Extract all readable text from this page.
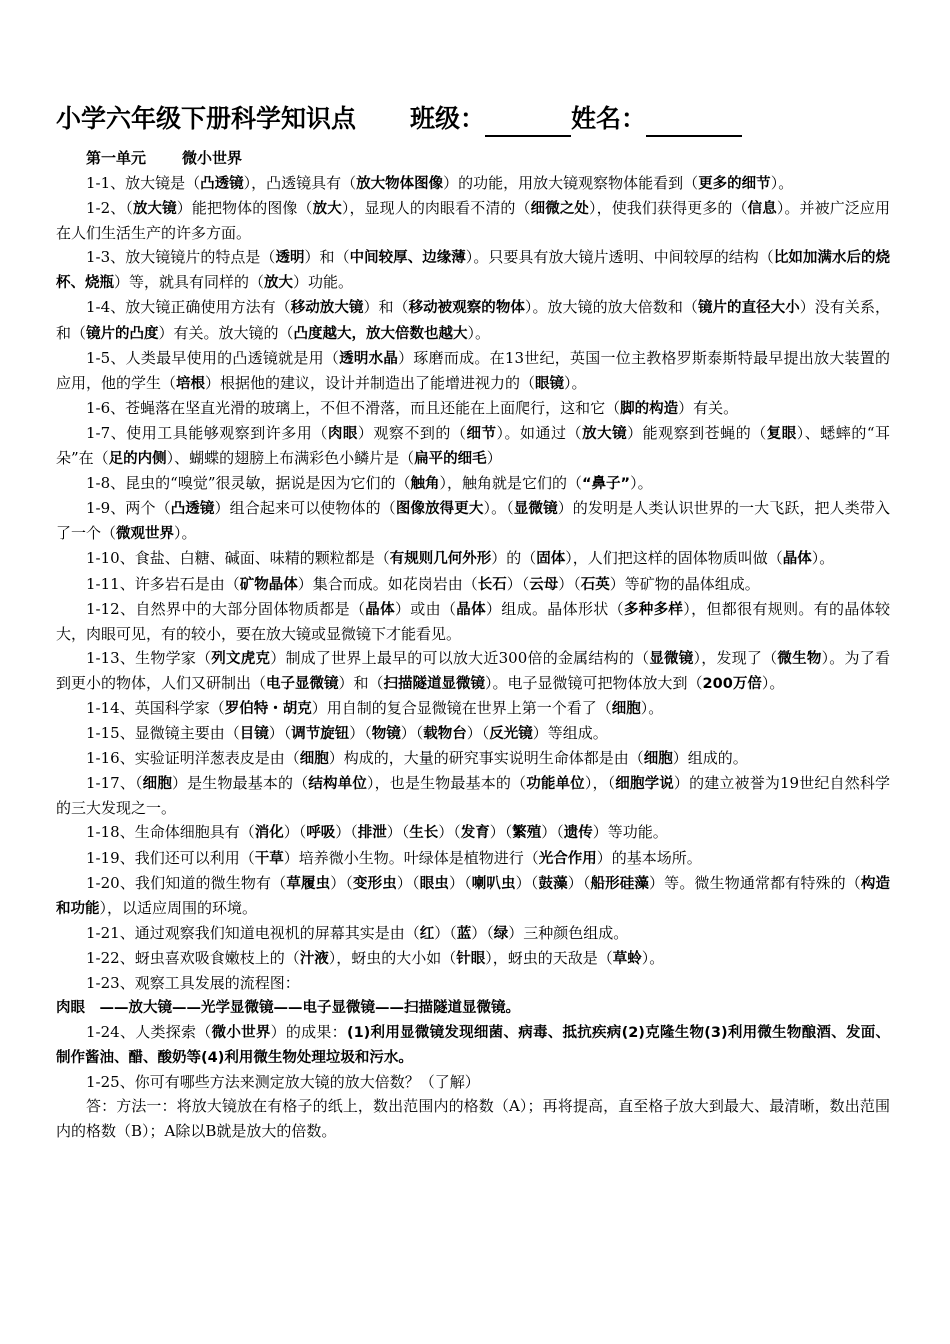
小学六年级下册科学知识点 班级：	姓名：
第一单元 微小世界

1-1、放大镜是（凸透镜），凸透镜具有（放大物体图像）的功能，用放大镜观察物体能看到（更多的细节）。

1-2、（放大镜）能把物体的图像（放大），显现人的肉眼看不清的（细微之处），使我们获得更多的（信息）。并被广泛应用在人们生活生产的许多方面。

1-3、放大镜镜片的特点是（透明）和（中间较厚、边缘薄）。只要具有放大镜片透明、中间较厚的结构（比如加满水后的烧杯、烧瓶）等，就具有同样的（放大）功能。

1-4、放大镜正确使用方法有（移动放大镜）和（移动被观察的物体）。放大镜的放大倍数和（镜片的直径大小）没有关系，和（镜片的凸度）有关。放大镜的（凸度越大，放大倍数也越大）。

1-5、人类最早使用的凸透镜就是用（透明水晶）琢磨而成。在13世纪，英国一位主教格罗斯泰斯特最早提出放大装置的应用，他的学生（培根）根据他的建议，设计并制造出了能增进视力的（眼镜）。

1-6、苍蝇落在坚直光滑的玻璃上，不但不滑落，而且还能在上面爬行，这和它（脚的构造）有关。

1-7、使用工具能够观察到许多用（肉眼）观察不到的（细节）。如通过（放大镜）能观察到苍蝇的（复眼）、蟋蟀的“耳朵”在（足的内侧）、蝴蝶的翅膀上布满彩色小鳞片是（扁平的细毛）

1-8、昆虫的“嗅觉”很灵敏，据说是因为它们的（触角），触角就是它们的（“鼻子”）。

1-9、两个（凸透镜）组合起来可以使物体的（图像放得更大）。（显微镜）的发明是人类认识世界的一大飞跃，把人类带入了一个（微观世界）。

1-10、食盐、白糖、碱面、味精的颗粒都是（有规则几何外形）的（固体），人们把这样的固体物质叫做（晶体）。

1-11、许多岩石是由（矿物晶体）集合而成。如花岗岩由（长石）（云母）（石英）等矿物的晶体组成。

1-12、自然界中的大部分固体物质都是（晶体）或由（晶体）组成。晶体形状（多种多样），但都很有规则。有的晶体较大，肉眼可见，有的较小，要在放大镜或显微镜下才能看见。

1-13、生物学家（列文虎克）制成了世界上最早的可以放大近300倍的金属结构的（显微镜），发现了（微生物）。为了看到更小的物体，人们又研制出（电子显微镜）和（扫描隧道显微镜）。电子显微镜可把物体放大到（200万倍）。

1-14、英国科学家（罗伯特・胡克）用自制的复合显微镜在世界上第一个看了（细胞）。

1-15、显微镜主要由（目镜）（调节旋钮）（物镜）（载物台）（反光镜）等组成。

1-16、实验证明洋葱表皮是由（细胞）构成的，大量的研究事实说明生命体都是由（细胞）组成的。

1-17、（细胞）是生物最基本的（结构单位），也是生物最基本的（功能单位），（细胞学说）的建立被誉为19世纪自然科学的三大发现之一。

1-18、生命体细胞具有（消化）（呼吸）（排泄）（生长）（发育）（繁殖）（遗传）等功能。

1-19、我们还可以利用（干草）培养微小生物。叶绿体是植物进行（光合作用）的基本场所。

1-20、我们知道的微生物有（草履虫）（变形虫）（眼虫）（喇叭虫）（鼓藻）（船形硅藻）等。微生物通常都有特殊的（构造和功能），以适应周围的环境。

1-21、通过观察我们知道电视机的屏幕其实是由（红）（蓝）（绿）三种颜色组成。

1-22、蚜虫喜欢吸食嫩枝上的（汁液），蚜虫的大小如（针眼），蚜虫的天敌是（草蛉）。

1-23、观察工具发展的流程图：

肉眼　——放大镜——光学显微镜——电子显微镜——扫描隧道显微镜。

1-24、人类探索（微小世界）的成果：(1)利用显微镜发现细菌、病毒、抵抗疾病(2)克隆生物(3)利用微生物酿酒、发面、制作酱油、醋、酸奶等(4)利用微生物处理垃圾和污水。

1-25、你可有哪些方法来测定放大镜的放大倍数？（了解）

答：方法一：将放大镜放在有格子的纸上，数出范围内的格数（A）；再将提高，直至格子放大到最大、最清晰，数出范围内的格数（B）；A除以B就是放大的倍数。
